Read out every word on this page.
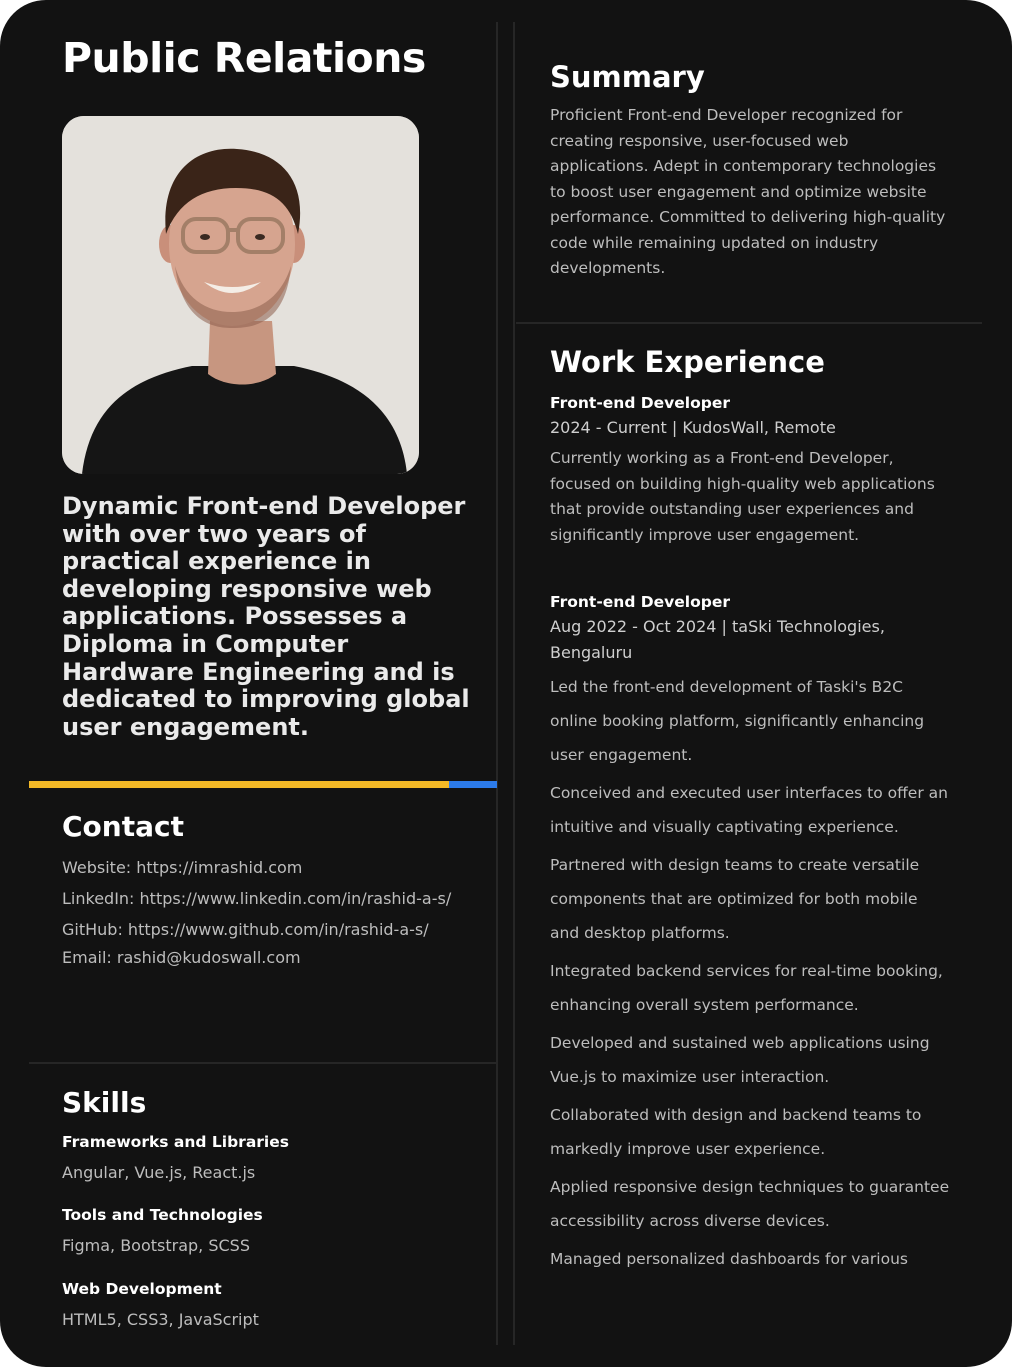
Public Relations

Dynamic Front-end Developer with over two years of practical experience in developing responsive web applications. Possesses a Diploma in Computer Hardware Engineering and is dedicated to improving global user engagement.

Contact
Website: https://imrashid.com
LinkedIn: https://www.linkedin.com/in/rashid-a-s/
GitHub: https://www.github.com/in/rashid-a-s/
Email: rashid@kudoswall.com
Skills
Frameworks and Libraries
Angular, Vue.js, React.js
Tools and Technologies
Figma, Bootstrap, SCSS
Web Development
HTML5, CSS3, JavaScript
Summary

Proficient Front-end Developer recognized for creating responsive, user-focused web applications. Adept in contemporary technologies to boost user engagement and optimize website performance. Committed to delivering high-quality code while remaining updated on industry developments.

Work Experience
Front-end Developer
2024 - Current | KudosWall, Remote
Currently working as a Front-end Developer, focused on building high-quality web applications that provide outstanding user experiences and significantly improve user engagement.
Front-end Developer
Aug 2022 - Oct 2024 | taSki Technologies, Bengaluru
Led the front-end development of Taski's B2C online booking platform, significantly enhancing user engagement.
Conceived and executed user interfaces to offer an intuitive and visually captivating experience.
Partnered with design teams to create versatile components that are optimized for both mobile and desktop platforms.
Integrated backend services for real-time booking, enhancing overall system performance.
Developed and sustained web applications using Vue.js to maximize user interaction.
Collaborated with design and backend teams to markedly improve user experience.
Applied responsive design techniques to guarantee accessibility across diverse devices.
Managed personalized dashboards for various
